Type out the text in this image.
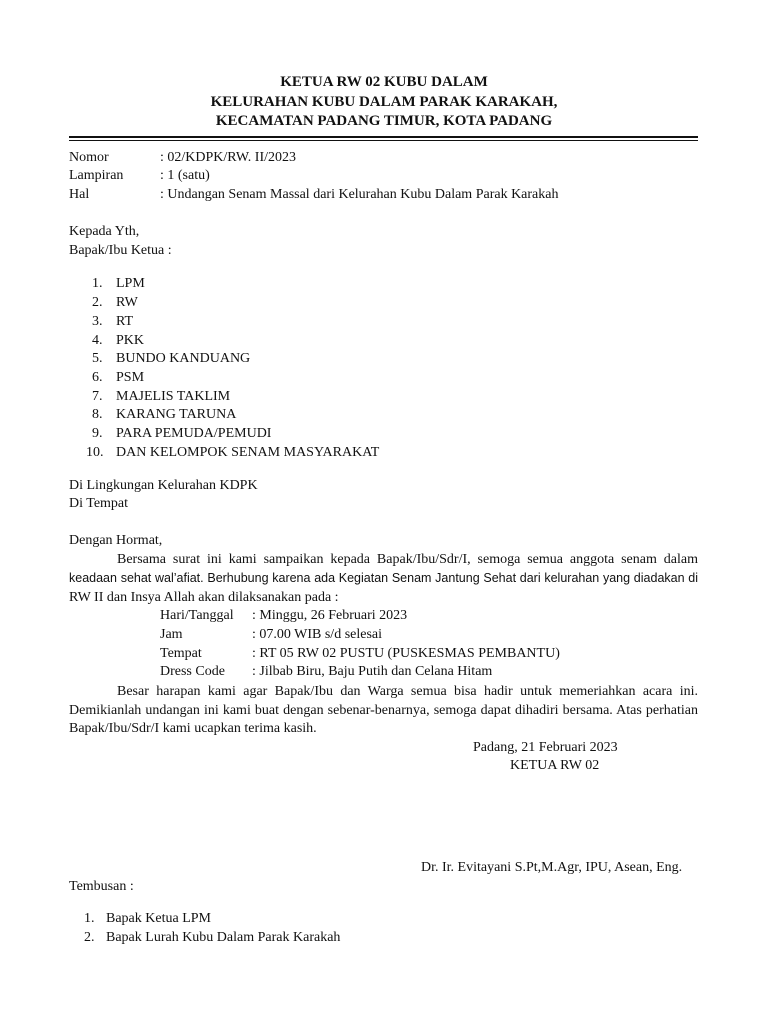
KETUA RW 02 KUBU DALAM
KELURAHAN KUBU DALAM PARAK KARAKAH,
KECAMATAN PADANG TIMUR, KOTA PADANG
Nomor	: 02/KDPK/RW. II/2023
Lampiran	: 1 (satu)
Hal	: Undangan Senam Massal dari Kelurahan Kubu Dalam Parak Karakah
Kepada Yth,
Bapak/Ibu Ketua :
1. LPM
2. RW
3. RT
4. PKK
5. BUNDO KANDUANG
6. PSM
7. MAJELIS TAKLIM
8. KARANG TARUNA
9. PARA PEMUDA/PEMUDI
10. DAN KELOMPOK SENAM MASYARAKAT
Di Lingkungan Kelurahan KDPK
Di Tempat
Dengan Hormat,
Bersama surat ini kami sampaikan kepada Bapak/Ibu/Sdr/I, semoga semua anggota senam dalam
keadaan sehat wal’afiat. Berhubung karena ada Kegiatan Senam Jantung Sehat dari kelurahan yang diadakan di
RW II dan Insya Allah akan dilaksanakan pada :
Hari/Tanggal : Minggu, 26 Februari 2023
Jam	: 07.00 WIB s/d selesai
Tempat	: RT 05 RW 02 PUSTU (PUSKESMAS PEMBANTU)
Dress Code : Jilbab Biru, Baju Putih dan Celana Hitam
Besar harapan kami agar Bapak/Ibu dan Warga semua bisa hadir untuk memeriahkan acara ini.
Demikianlah undangan ini kami buat dengan sebenar-benarnya, semoga dapat dihadiri bersama. Atas perhatian
Bapak/Ibu/Sdr/I kami ucapkan terima kasih.
Padang, 21 Februari 2023
KETUA RW 02
Dr. Ir. Evitayani S.Pt,M.Agr, IPU, Asean, Eng.
Tembusan :
1. Bapak Ketua LPM
2. Bapak Lurah Kubu Dalam Parak Karakah
